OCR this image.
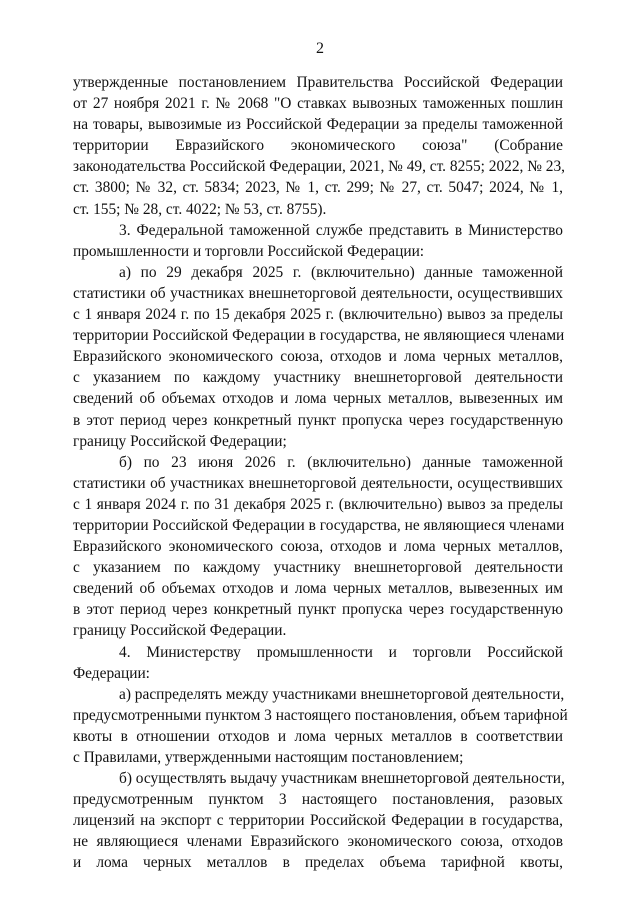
2
утвержденные постановлением Правительства Российской Федерации
от 27 ноября 2021 г. № 2068 "О ставках вывозных таможенных пошлин
на товары, вывозимые из Российской Федерации за пределы таможенной
территории Евразийского экономического союза" (Собрание
законодательства Российской Федерации, 2021, № 49, ст. 8255; 2022, № 23,
ст. 3800; № 32, ст. 5834; 2023, № 1, ст. 299; № 27, ст. 5047; 2024, № 1,
ст. 155; № 28, ст. 4022; № 53, ст. 8755).
3. Федеральной таможенной службе представить в Министерство
промышленности и торговли Российской Федерации:
а) по 29 декабря 2025 г. (включительно) данные таможенной
статистики об участниках внешнеторговой деятельности, осуществивших
с 1 января 2024 г. по 15 декабря 2025 г. (включительно) вывоз за пределы
территории Российской Федерации в государства, не являющиеся членами
Евразийского экономического союза, отходов и лома черных металлов,
с указанием по каждому участнику внешнеторговой деятельности
сведений об объемах отходов и лома черных металлов, вывезенных им
в этот период через конкретный пункт пропуска через государственную
границу Российской Федерации;
б) по 23 июня 2026 г. (включительно) данные таможенной
статистики об участниках внешнеторговой деятельности, осуществивших
с 1 января 2024 г. по 31 декабря 2025 г. (включительно) вывоз за пределы
территории Российской Федерации в государства, не являющиеся членами
Евразийского экономического союза, отходов и лома черных металлов,
с указанием по каждому участнику внешнеторговой деятельности
сведений об объемах отходов и лома черных металлов, вывезенных им
в этот период через конкретный пункт пропуска через государственную
границу Российской Федерации.
4. Министерству промышленности и торговли Российской
Федерации:
а) распределять между участниками внешнеторговой деятельности,
предусмотренными пунктом 3 настоящего постановления, объем тарифной
квоты в отношении отходов и лома черных металлов в соответствии
с Правилами, утвержденными настоящим постановлением;
б) осуществлять выдачу участникам внешнеторговой деятельности,
предусмотренным пунктом 3 настоящего постановления, разовых
лицензий на экспорт с территории Российской Федерации в государства,
не являющиеся членами Евразийского экономического союза, отходов
и лома черных металлов в пределах объема тарифной квоты,
